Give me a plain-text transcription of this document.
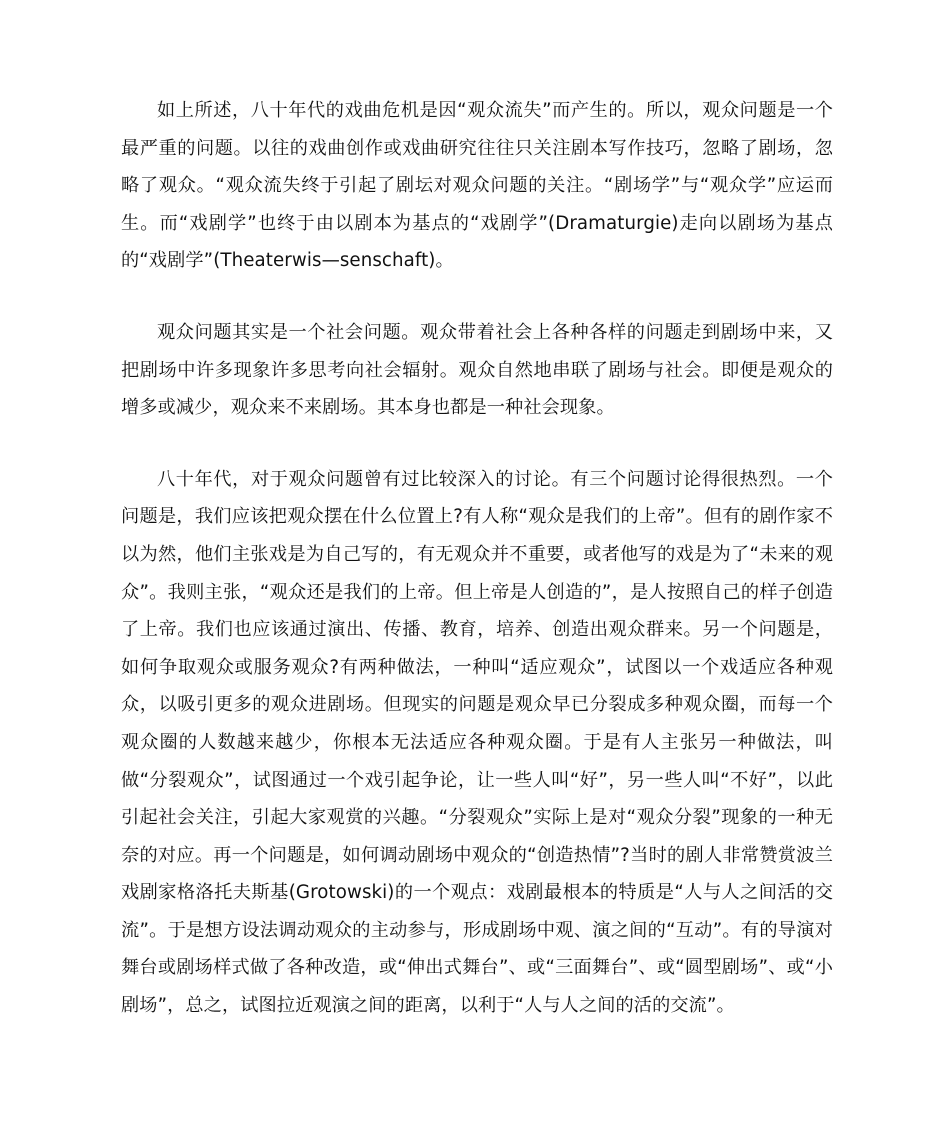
如上所述，八十年代的戏曲危机是因“观众流失”而产生的。所以，观众问题是一个最严重的问题。以往的戏曲创作或戏曲研究往往只关注剧本写作技巧，忽略了剧场，忽略了观众。“观众流失终于引起了剧坛对观众问题的关注。“剧场学”与“观众学”应运而生。而“戏剧学”也终于由以剧本为基点的“戏剧学”(Dramaturgie)走向以剧场为基点的“戏剧学”(Theaterwis—senschaft)。

观众问题其实是一个社会问题。观众带着社会上各种各样的问题走到剧场中来，又把剧场中许多现象许多思考向社会辐射。观众自然地串联了剧场与社会。即便是观众的增多或减少，观众来不来剧场。其本身也都是一种社会现象。

八十年代，对于观众问题曾有过比较深入的讨论。有三个问题讨论得很热烈。一个问题是，我们应该把观众摆在什么位置上?有人称“观众是我们的上帝”。但有的剧作家不以为然，他们主张戏是为自己写的，有无观众并不重要，或者他写的戏是为了“未来的观众”。我则主张，“观众还是我们的上帝。但上帝是人创造的”，是人按照自己的样子创造了上帝。我们也应该通过演出、传播、教育，培养、创造出观众群来。另一个问题是，如何争取观众或服务观众?有两种做法，一种叫“适应观众”，试图以一个戏适应各种观众，以吸引更多的观众进剧场。但现实的问题是观众早已分裂成多种观众圈，而每一个观众圈的人数越来越少，你根本无法适应各种观众圈。于是有人主张另一种做法，叫做“分裂观众”，试图通过一个戏引起争论，让一些人叫“好”，另一些人叫“不好”，以此引起社会关注，引起大家观赏的兴趣。“分裂观众”实际上是对“观众分裂”现象的一种无奈的对应。再一个问题是，如何调动剧场中观众的“创造热情”?当时的剧人非常赞赏波兰戏剧家格洛托夫斯基(Grotowski)的一个观点：戏剧最根本的特质是“人与人之间活的交流”。于是想方设法调动观众的主动参与，形成剧场中观、演之间的“互动”。有的导演对舞台或剧场样式做了各种改造，或“伸出式舞台”、或“三面舞台”、或“圆型剧场”、或“小剧场”，总之，试图拉近观演之间的距离，以利于“人与人之间的活的交流”。
